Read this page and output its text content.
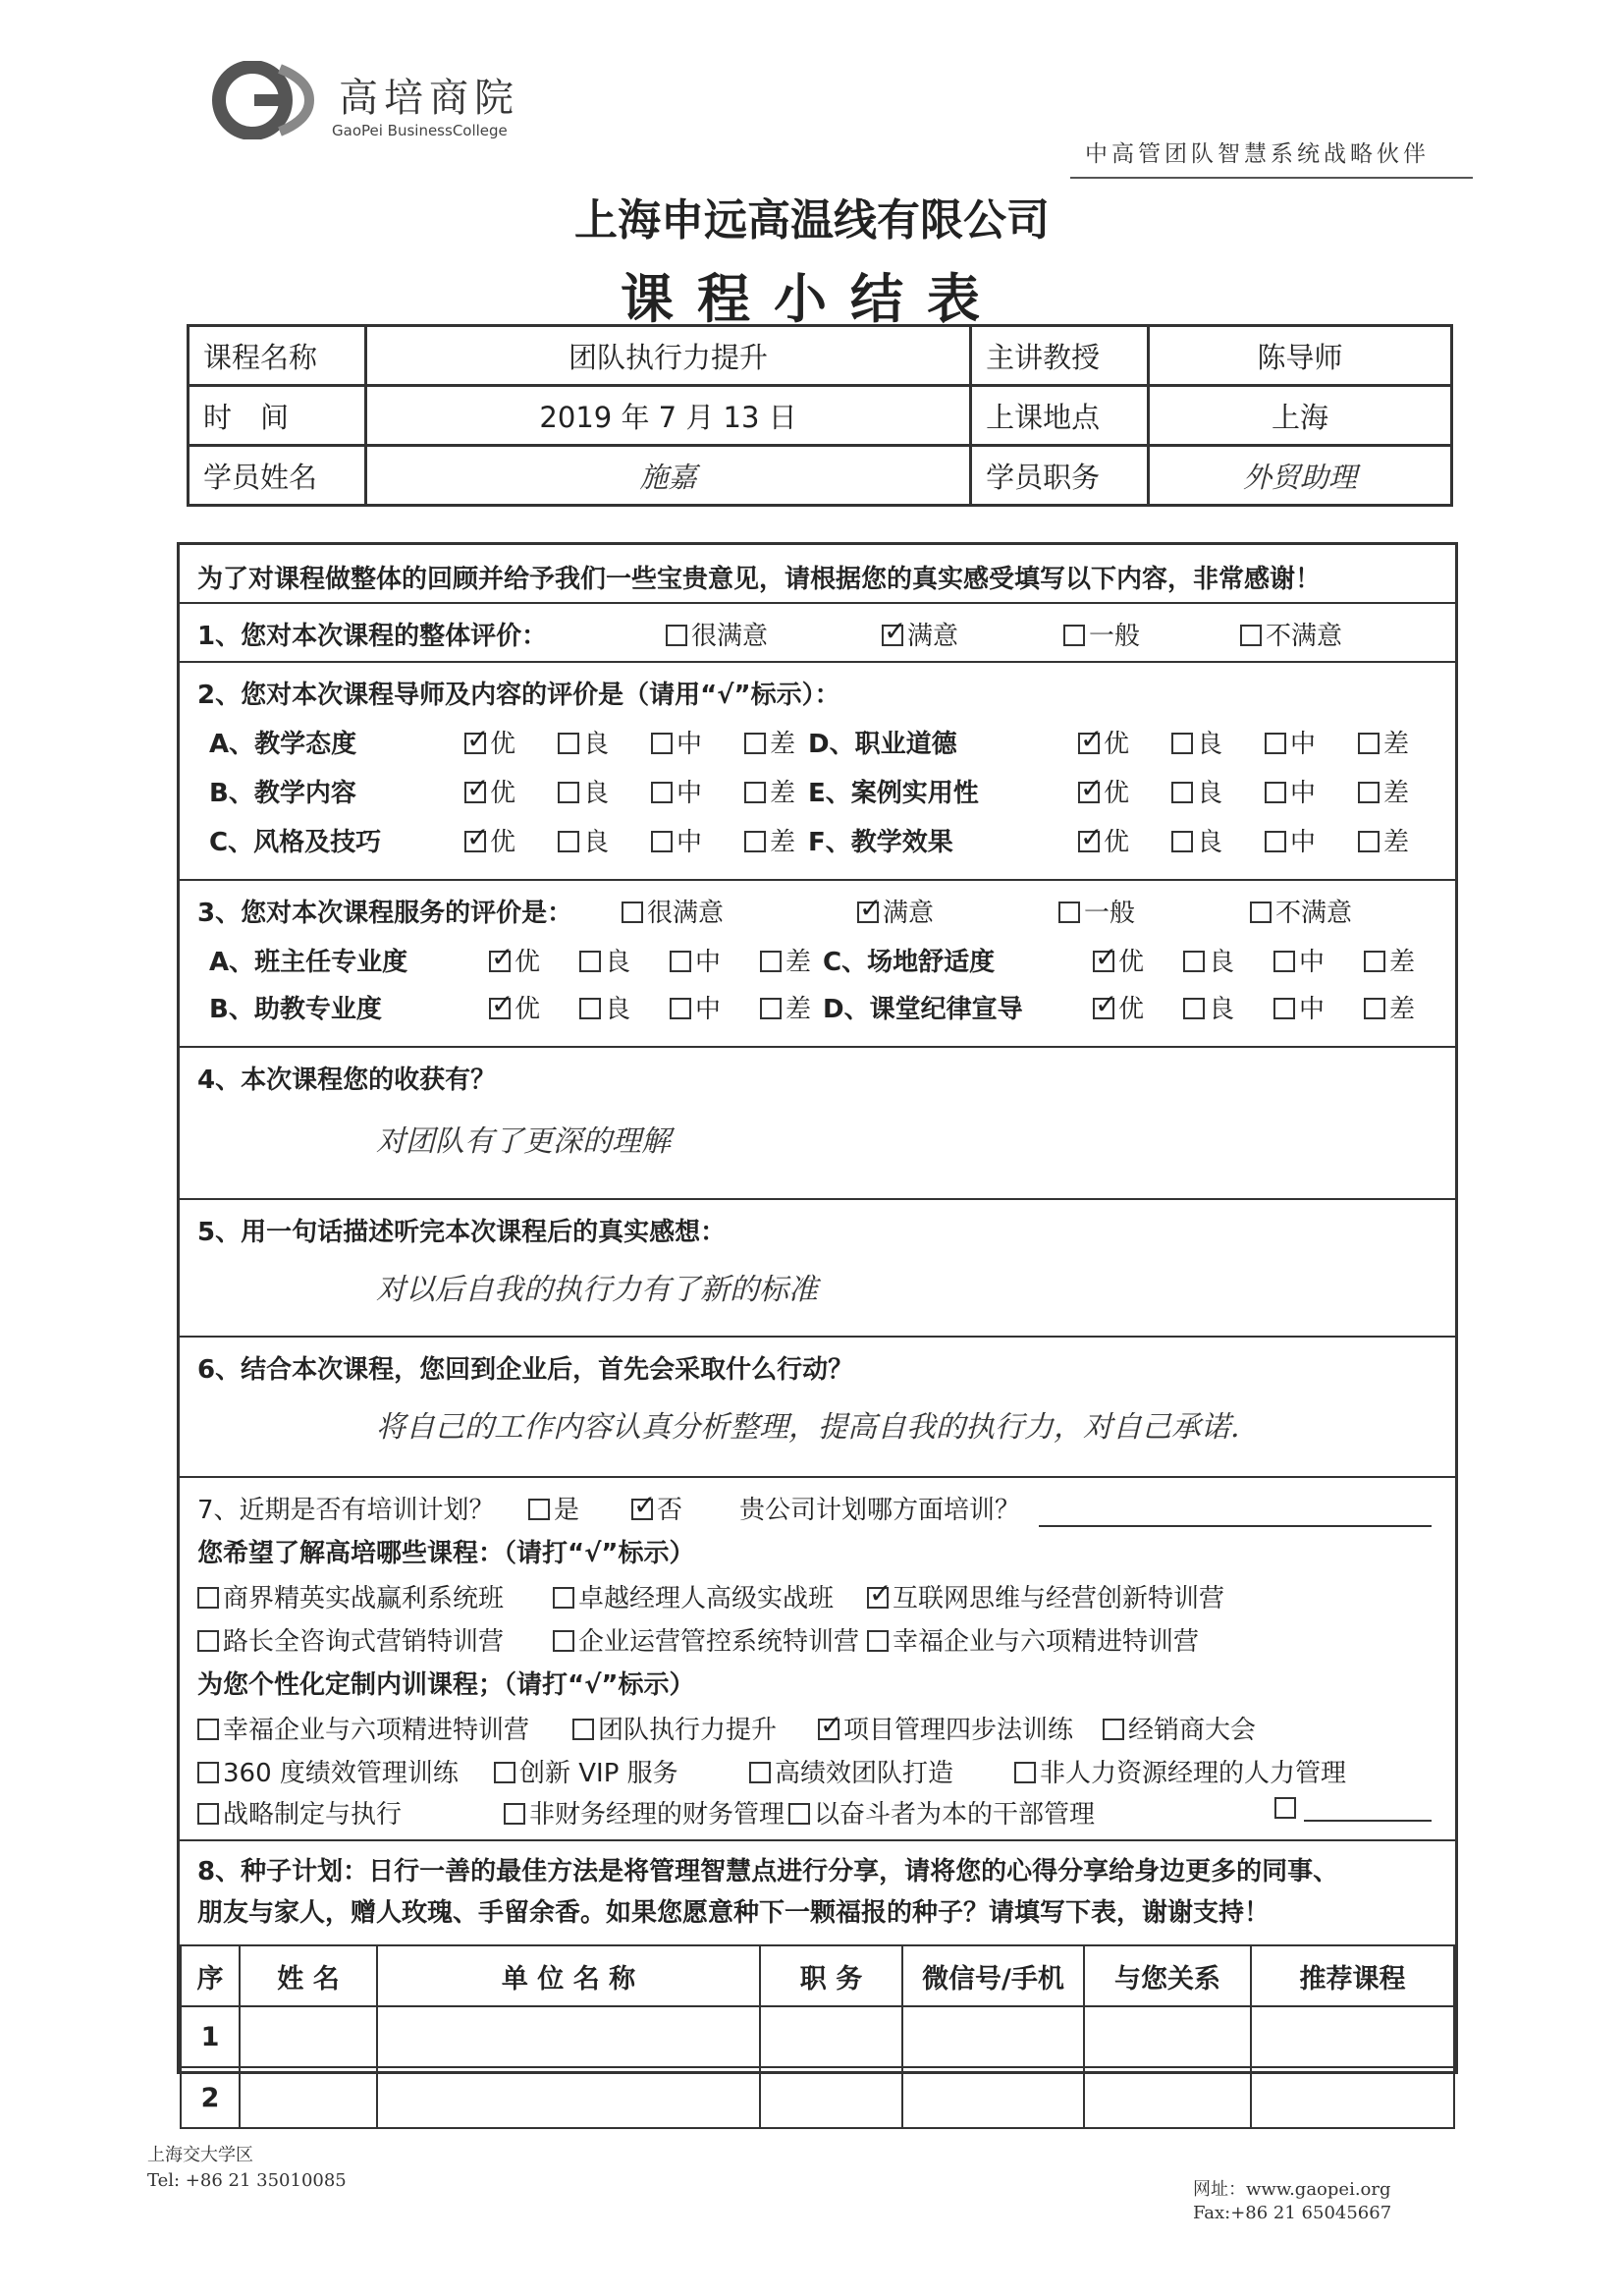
高培商院
GaoPei BusinessCollege
中高管团队智慧系统战略伙伴
上海申远高温线有限公司
课程小结表
课程名称	团队执行力提升	主讲教授	陈导师
时　间	2019 年 7 月 13 日	上课地点	上海
学员姓名	施嘉	学员职务	外贸助理
为了对课程做整体的回顾并给予我们一些宝贵意见，请根据您的真实感受填写以下内容，非常感谢！
1、您对本次课程的整体评价：	很满意 ✓	满意	一般	不满意
2、您对本次课程导师及内容的评价是（请用“√”标示）：
A、教学态度 ✓	优	良	中	差
B、教学内容 ✓	优	良	中	差
C、风格及技巧 ✓	优	良	中	差
D、职业道德 ✓	优	良	中	差
E、案例实用性 ✓	优	良	中	差
F、教学效果 ✓	优	良	中	差
3、您对本次课程服务的评价是：	很满意 ✓	满意	一般	不满意
A、班主任专业度 ✓	优	良	中	差
B、助教专业度 ✓	优	良	中	差
C、场地舒适度 ✓	优	良	中	差
D、课堂纪律宣导 ✓	优	良	中	差
4、本次课程您的收获有？
对团队有了更深的理解
5、用一句话描述听完本次课程后的真实感想：
对以后自我的执行力有了新的标准
6、结合本次课程，您回到企业后，首先会采取什么行动？
将自己的工作内容认真分析整理，提高自我的执行力，对自己承诺.
7、近期是否有培训计划？	是 ✓	否 贵公司计划哪方面培训？
您希望了解高培哪些课程：（请打“√”标示）
商界精英实战赢利系统班	卓越经理人高级实战班 ✓	互联网思维与经营创新特训营
路长全咨询式营销特训营	企业运营管控系统特训营	幸福企业与六项精进特训营
为您个性化定制内训课程；（请打“√”标示）
幸福企业与六项精进特训营	团队执行力提升 ✓	项目管理四步法训练	经销商大会
360 度绩效管理训练	创新 VIP 服务	高绩效团队打造	非人力资源经理的人力管理
战略制定与执行	非财务经理的财务管理	以奋斗者为本的干部管理
8、种子计划：日行一善的最佳方法是将管理智慧点进行分享，请将您的心得分享给身边更多的同事、
朋友与家人，赠人玫瑰、手留余香。如果您愿意种下一颗福报的种子？请填写下表，谢谢支持！
序	姓 名	单 位 名 称	职 务	微信号/手机	与您关系	推荐课程
1						
2						
上海交大学区
Tel: +86 21 35010085	网址：www.gaopei.org
Fax:+86 21 65045667
